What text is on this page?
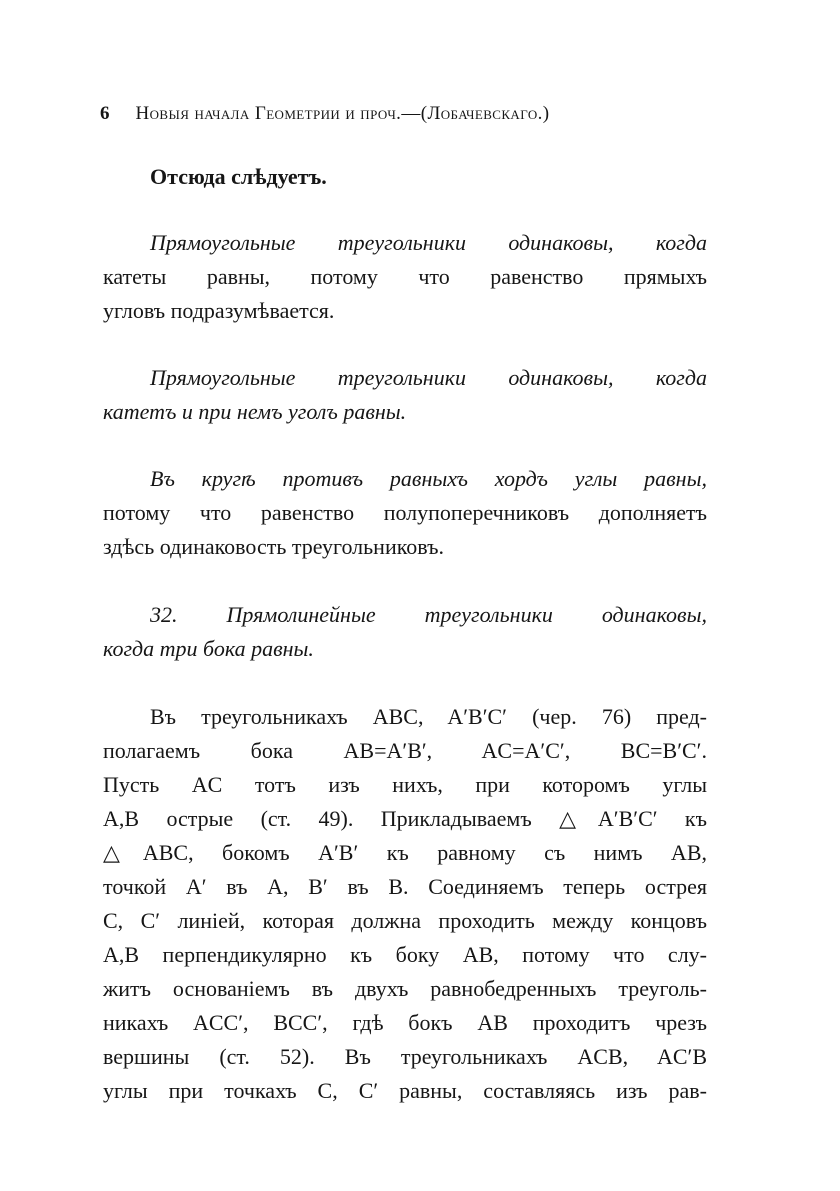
6 Новыя начала Геометрии и проч.—(Лобачевскаго.)
Отсюда слѣдуетъ.
Прямоугольные треугольники одинаковы, когда
катеты равны, потому что равенство прямыхъ
угловъ подразумѣвается.
Прямоугольные треугольники одинаковы, когда
катетъ и при немъ уголъ равны.
Въ кругѣ противъ равныхъ хордъ углы равны,
потому что равенство полупоперечниковъ дополняетъ
здѣсь одинаковость треугольниковъ.
32. Прямолинейные треугольники одинаковы,
когда три бока равны.
Въ треугольникахъ ABC, A′B′C′ (чер. 76) пред-
полагаемъ бока AB=A′B′, AC=A′C′, BC=B′C′.
Пусть AC тотъ изъ нихъ, при которомъ углы
A,B острые (ст. 49). Прикладываемъ △A′B′C′ къ
△ABC, бокомъ A′B′ къ равному съ нимъ AB,
точкой A′ въ A, B′ въ B. Соединяемъ теперь острея
C, C′ линiей, которая должна проходить между концовъ
A,B перпендикулярно къ боку AB, потому что слу-
житъ основанiемъ въ двухъ равнобедренныхъ треуголь-
никахъ ACC′, BCC′, гдѣ бокъ AB проходитъ чрезъ
вершины (ст. 52). Въ треугольникахъ ACB, AC′B
углы при точкахъ C, C′ равны, составляясь изъ рав-
